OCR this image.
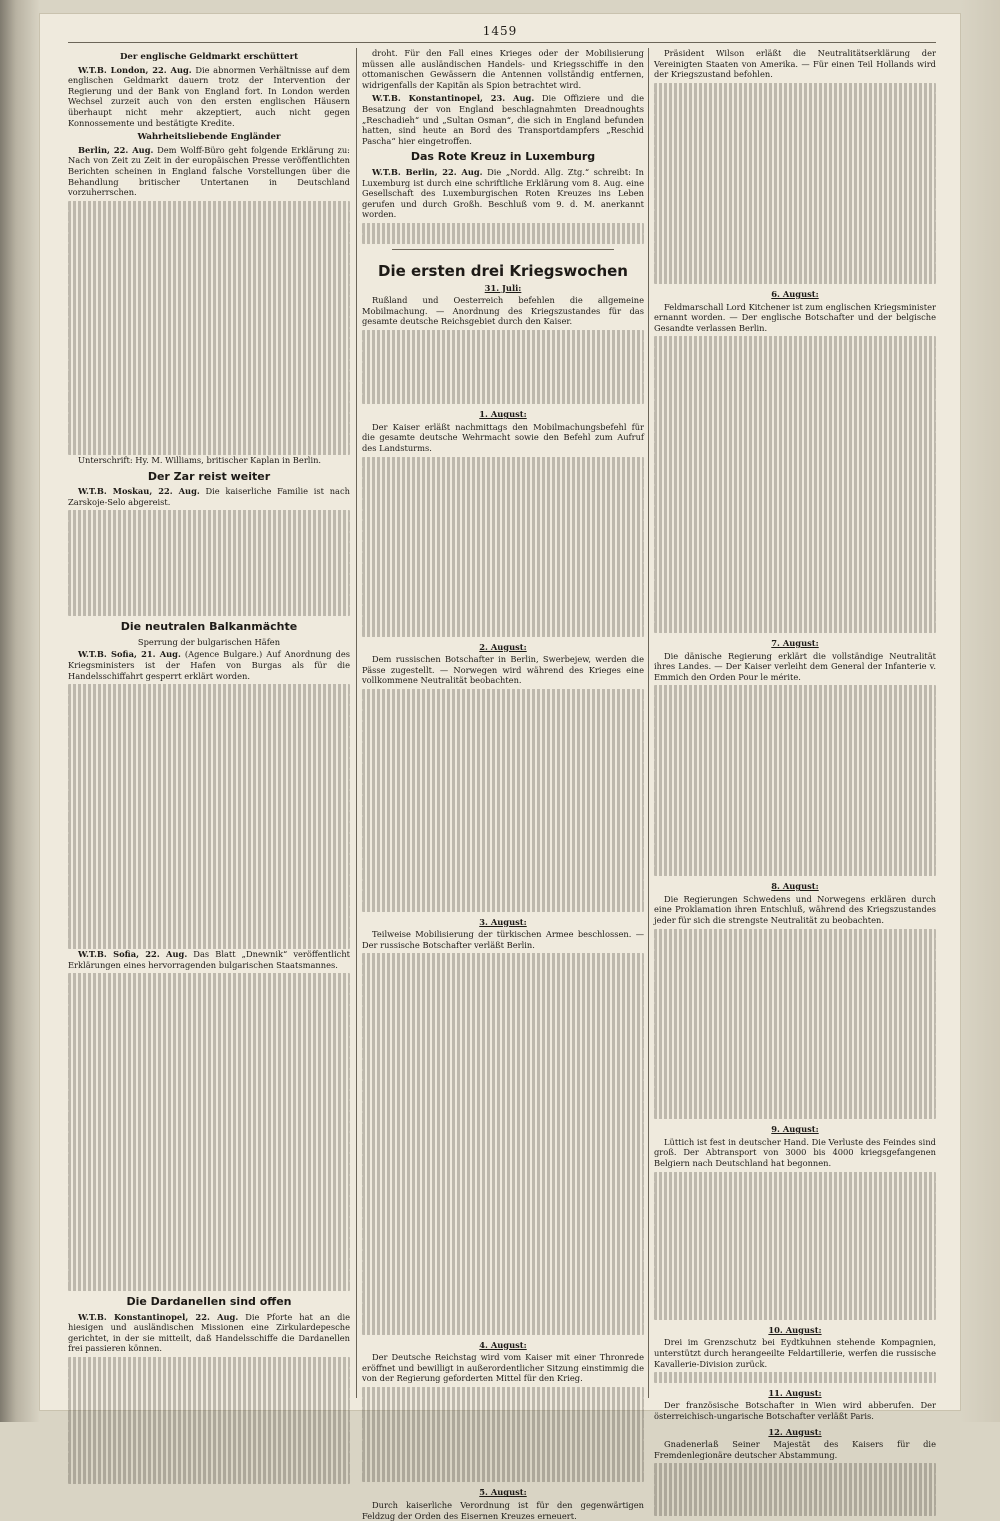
1459
Der englische Geldmarkt erschüttert

W.T.B. London, 22. Aug. Die abnormen Verhältnisse auf dem englischen Geldmarkt dauern trotz der Intervention der Regierung und der Bank von England fort. In London werden Wechsel zurzeit auch von den ersten englischen Häusern überhaupt nicht mehr akzeptiert, auch nicht gegen Konnossemente und bestätigte Kredite.

Wahrheitsliebende Engländer

Berlin, 22. Aug. Dem Wolff-Büro geht folgende Erklärung zu: Nach von Zeit zu Zeit in der europäischen Presse veröffentlichten Berichten scheinen in England falsche Vorstellungen über die Behandlung britischer Untertanen in Deutschland vorzuherrschen.

Unterschrift: Hy. M. Williams, britischer Kaplan in Berlin.

Der Zar reist weiter

W.T.B. Moskau, 22. Aug. Die kaiserliche Familie ist nach Zarskoje-Selo abgereist.

Die neutralen Balkanmächte
Sperrung der bulgarischen Häfen

W.T.B. Sofia, 21. Aug. (Agence Bulgare.) Auf Anordnung des Kriegsministers ist der Hafen von Burgas als für die Handelsschiffahrt gesperrt erklärt worden.

W.T.B. Sofia, 22. Aug. Das Blatt „Dnewnik“ veröffentlicht Erklärungen eines hervorragenden bulgarischen Staatsmannes.

Die Dardanellen sind offen

W.T.B. Konstantinopel, 22. Aug. Die Pforte hat an die hiesigen und ausländischen Missionen eine Zirkulardepesche gerichtet, in der sie mitteilt, daß Handelsschiffe die Dardanellen frei passieren können.

droht. Für den Fall eines Krieges oder der Mobilisierung müssen alle ausländischen Handels- und Kriegsschiffe in den ottomanischen Gewässern die Antennen vollständig entfernen, widrigenfalls der Kapitän als Spion betrachtet wird.

W.T.B. Konstantinopel, 23. Aug. Die Offiziere und die Besatzung der von England beschlagnahmten Dreadnoughts „Reschadieh“ und „Sultan Osman“, die sich in England befunden hatten, sind heute an Bord des Transportdampfers „Reschid Pascha“ hier eingetroffen.

Das Rote Kreuz in Luxemburg

W.T.B. Berlin, 22. Aug. Die „Nordd. Allg. Ztg.“ schreibt: In Luxemburg ist durch eine schriftliche Erklärung vom 8. Aug. eine Gesellschaft des Luxemburgischen Roten Kreuzes ins Leben gerufen und durch Großh. Beschluß vom 9. d. M. anerkannt worden.

Die ersten drei Kriegswochen
31. Juli:

Rußland und Oesterreich befehlen die allgemeine Mobilmachung. — Anordnung des Kriegszustandes für das gesamte deutsche Reichsgebiet durch den Kaiser.

1. August:

Der Kaiser erläßt nachmittags den Mobilmachungsbefehl für die gesamte deutsche Wehrmacht sowie den Befehl zum Aufruf des Landsturms.

2. August:

Dem russischen Botschafter in Berlin, Swerbejew, werden die Pässe zugestellt. — Norwegen wird während des Krieges eine vollkommene Neutralität beobachten.

3. August:

Teilweise Mobilisierung der türkischen Armee beschlossen. — Der russische Botschafter verläßt Berlin.

4. August:

Der Deutsche Reichstag wird vom Kaiser mit einer Thronrede eröffnet und bewilligt in außerordentlicher Sitzung einstimmig die von der Regierung geforderten Mittel für den Krieg.

5. August:

Durch kaiserliche Verordnung ist für den gegenwärtigen Feldzug der Orden des Eisernen Kreuzes erneuert.

Präsident Wilson erläßt die Neutralitätserklärung der Vereinigten Staaten von Amerika. — Für einen Teil Hollands wird der Kriegszustand befohlen.

6. August:

Feldmarschall Lord Kitchener ist zum englischen Kriegsminister ernannt worden. — Der englische Botschafter und der belgische Gesandte verlassen Berlin.

7. August:

Die dänische Regierung erklärt die vollständige Neutralität ihres Landes. — Der Kaiser verleiht dem General der Infanterie v. Emmich den Orden Pour le mérite.

8. August:

Die Regierungen Schwedens und Norwegens erklären durch eine Proklamation ihren Entschluß, während des Kriegszustandes jeder für sich die strengste Neutralität zu beobachten.

9. August:

Lüttich ist fest in deutscher Hand. Die Verluste des Feindes sind groß. Der Abtransport von 3000 bis 4000 kriegsgefangenen Belgiern nach Deutschland hat begonnen.

10. August:

Drei im Grenzschutz bei Eydtkuhnen stehende Kompagnien, unterstützt durch herangeeilte Feldartillerie, werfen die russische Kavallerie-Division zurück.

11. August:

Der französische Botschafter in Wien wird abberufen. Der österreichisch-ungarische Botschafter verläßt Paris.

12. August:

Gnadenerlaß Seiner Majestät des Kaisers für die Fremdenlegionäre deutscher Abstammung.
